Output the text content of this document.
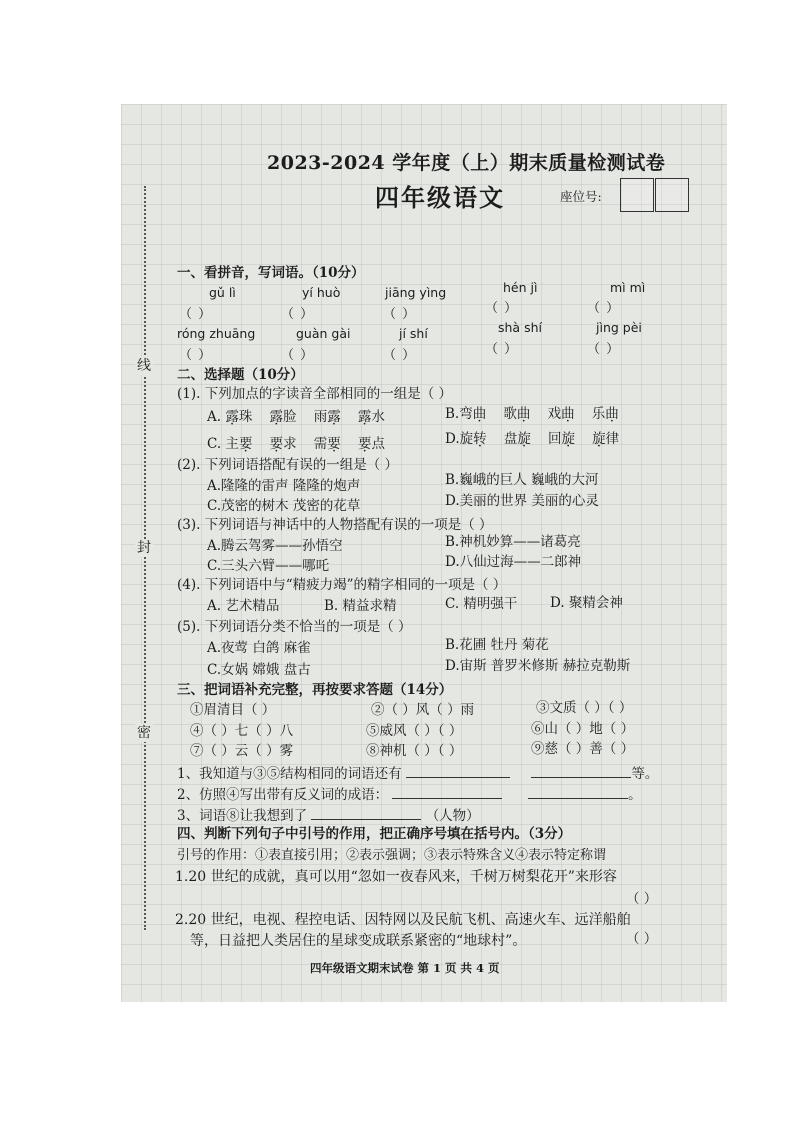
线
封
密
2023-2024 学年度（上）期末质量检测试卷
四年级语文	座位号:
一、看拼音，写词语。（10分）
gǔ lì	yí huò	jiāng yìng	hén jì	mì mì
（ ）	（ ）	（ ）	（ ）	（ ）
róng zhuāng	guàn gài	jí shí	shà shí	jìng pèi
（ ）	（ ）	（ ）	（ ）	（ ）
二、选择题（10分）
(1). 下列加点的字读音全部相同的一组是（ ）
A. 露珠 露脸 雨露 露水	B.弯曲 歌曲 戏曲 乐曲
C. 主要 要求 需要 要点	D.旋转 盘旋 回旋 旋律
(2). 下列词语搭配有误的一组是（ ）
A.隆隆的雷声 隆隆的炮声	B.巍峨的巨人 巍峨的大河
C.茂密的树木 茂密的花草	D.美丽的世界 美丽的心灵
(3). 下列词语与神话中的人物搭配有误的一项是（ ）
A.腾云驾雾——孙悟空	B.神机妙算——诸葛亮
C.三头六臂——哪吒	D.八仙过海——二郎神
(4). 下列词语中与“精疲力竭”的精字相同的一项是（ ）
A. 艺术精品	B. 精益求精	C. 精明强干 D. 聚精会神
(5). 下列词语分类不恰当的一项是（ ）
A.夜莺 白鸽 麻雀	B.花圃 牡丹 菊花
C.女娲 嫦娥 盘古	D.宙斯 普罗米修斯 赫拉克勒斯
三、把词语补充完整，再按要求答题（14分）
①眉清目（ ）	②（ ）风（ ）雨	③文质（ ）（ ）
④（ ）七（ ）八	⑤威风（ ）（ ）	⑥山（ ）地（ ）
⑦（ ）云（ ）雾	⑧神机（ ）（ ）	⑨慈（ ）善（ ）
1、我知道与③⑤结构相同的词语还有	等。
2、仿照④写出带有反义词的成语：	。
3、词语⑧让我想到了	（人物）
四、判断下列句子中引号的作用，把正确序号填在括号内。（3分）
引号的作用：①表直接引用；②表示强调；③表示特殊含义④表示特定称谓
1.20 世纪的成就，真可以用“忽如一夜春风来，千树万树梨花开”来形容
（ ）
2.20 世纪，电视、程控电话、因特网以及民航飞机、高速火车、远洋船舶
等，日益把人类居住的星球变成联系紧密的“地球村”。	（ ）
四年级语文期末试卷 第 1 页 共 4 页
